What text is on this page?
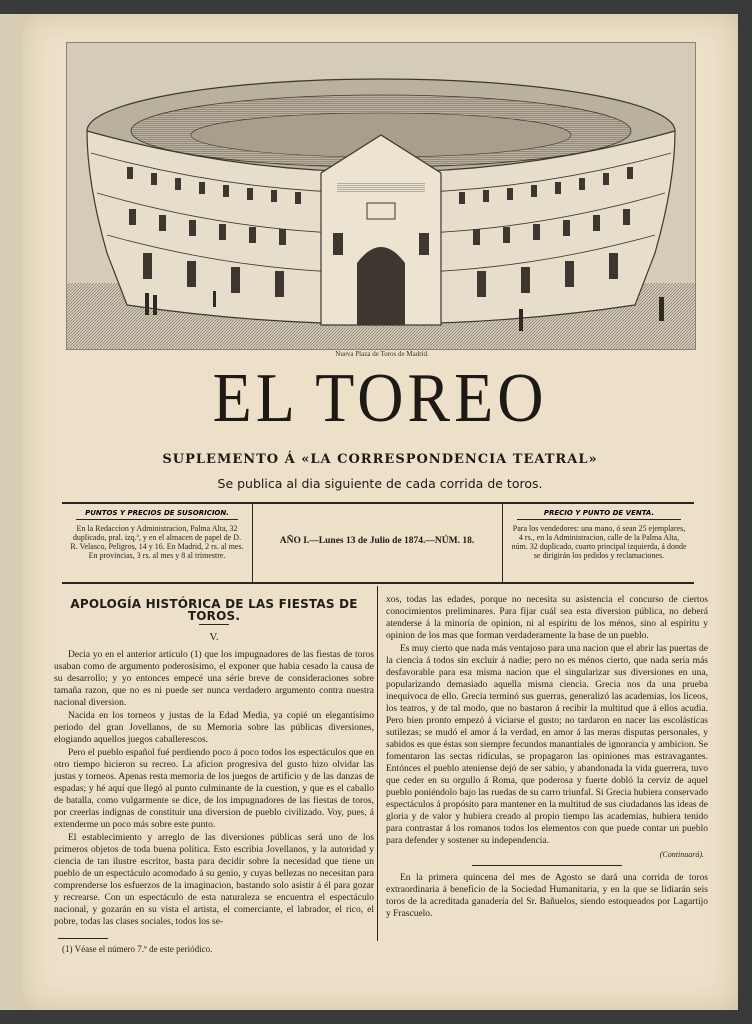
Nueva Plaza de Toros de Madrid.
EL TOREO
SUPLEMENTO Á «LA CORRESPONDENCIA TEATRAL»
Se publica al dia siguiente de cada corrida de toros.
PUNTOS Y PRECIOS DE SUSORICION.
En la Redaccion y Administracion, Palma Alta, 32 duplicado, pral. izq.ª, y en el almacen de papel de D. R. Velasco, Peligros, 14 y 16. En Madrid, 2 rs. al mes. En provincias, 3 rs. al mes y 8 al trimestre.
AÑO I.—Lunes 13 de Julio de 1874.—NÚM. 18.
PRECIO Y PUNTO DE VENTA.
Para los vendedores: una mano, ó sean 25 ejemplares, 4 rs., en la Administracion, calle de la Palma Alta, núm. 32 duplicado, cuarto principal izquierda, á donde se dirigirán los pedidos y reclamaciones.
APOLOGÍA HISTÓRICA DE LAS FIESTAS DE TOROS.
V.

Decia yo en el anterior artículo (1) que los impugnadores de las fiestas de toros usaban como de argumento poderosísimo, el exponer que habia cesado la causa de su desarrollo; y yo entonces empecé una série breve de consideraciones sobre tamaña razon, que no es ni puede ser nunca verdadero argumento contra nuestra nacional diversion.

Nacida en los torneos y justas de la Edad Media, ya copié un elegantísimo período del gran Jovellanos, de su Memoria sobre las públicas diversiones, elogiando aquellos juegos caballerescos.

Pero el pueblo español fué perdiendo poco á poco todos los espectáculos que en otro tiempo hicieron su recreo. La aficion progresiva del gusto hizo olvidar las justas y torneos. Apenas resta memoria de los juegos de artificio y de las danzas de espadas; y hé aquí que llegó al punto culminante de la cuestion, y que es el caballo de batalla, como vulgarmente se dice, de los impugnadores de las fiestas de toros, por creerlas indignas de constituir una diversion de pueblo civilizado. Voy, pues, á extenderme un poco más sobre este punto.

El establecimiento y arreglo de las diversiones públicas será uno de los primeros objetos de toda buena política. Esto escribia Jovellanos, y la autoridad y ciencia de tan ilustre escritor, basta para decidir sobre la necesidad que tiene un pueblo de un espectáculo acomodado á su genio, y cuyas bellezas no necesitan para comprenderse los esfuerzos de la imaginacion, bastando solo asistir á él para gozar y recrearse. Con un espectáculo de esta naturaleza se encuentra el espectáculo nacional, y gozarán en su vista el artista, el comerciante, el labrador, el rico, el pobre, todas las clases sociales, todos los se-

xos, todas las edades, porque no necesita su asistencia el concurso de ciertos conocimientos preliminares. Para fijar cuál sea esta diversion pública, no deberá atenderse á la minoría de opinion, ni al espíritu de los ménos, sino al espíritu y opinion de los mas que forman verdaderamente la base de un pueblo.

Es muy cierto que nada más ventajoso para una nacion que el abrir las puertas de la ciencia á todos sin excluir á nadie; pero no es ménos cierto, que nada seria más desfavorable para esa misma nacion que el singularizar sus diversiones en una, popularizando demasiado aquella misma ciencia. Grecia nos da una prueba inequívoca de ello. Grecia terminó sus guerras, generalizó las academias, los liceos, los teatros, y de tal modo, que no bastaron á recibir la multitud que á ellos acudia. Pero bien pronto empezó á viciarse el gusto; no tardaron en nacer las escolásticas sutilezas; se mudó el amor á la verdad, en amor á las meras disputas personales, y sabidos es que éstas son siempre fecundos manantiales de ignorancia y ambicion. Se fomentaron las sectas ridículas, se propagaron las opiniones mas estravagantes. Entónces el pueblo ateniense dejó de ser sabio, y abandonada la vida guerrera, tuvo que ceder en su orgullo á Roma, que poderosa y fuerte dobló la cerviz de aquel pueblo poniéndolo bajo las ruedas de su carro triunfal. Si Grecia hubiera conservado espectáculos á propósito para mantener en la multitud de sus ciudadanos las ideas de gloria y de valor y hubiera creado al propio tiempo las academias, hubiera tenido para contrastar á los romanos todos los elementos con que puede contar un pueblo para defender y sostener su independencia.

(Continuará).

En la primera quincena del mes de Agosto se dará una corrida de toros extraordinaria á beneficio de la Sociedad Humanitaria, y en la que se lidiarán seis toros de la acreditada ganadería del Sr. Bañuelos, siendo estoqueados por Lagartijo y Frascuelo.

(1) Véase el número 7.º de este periódico.
